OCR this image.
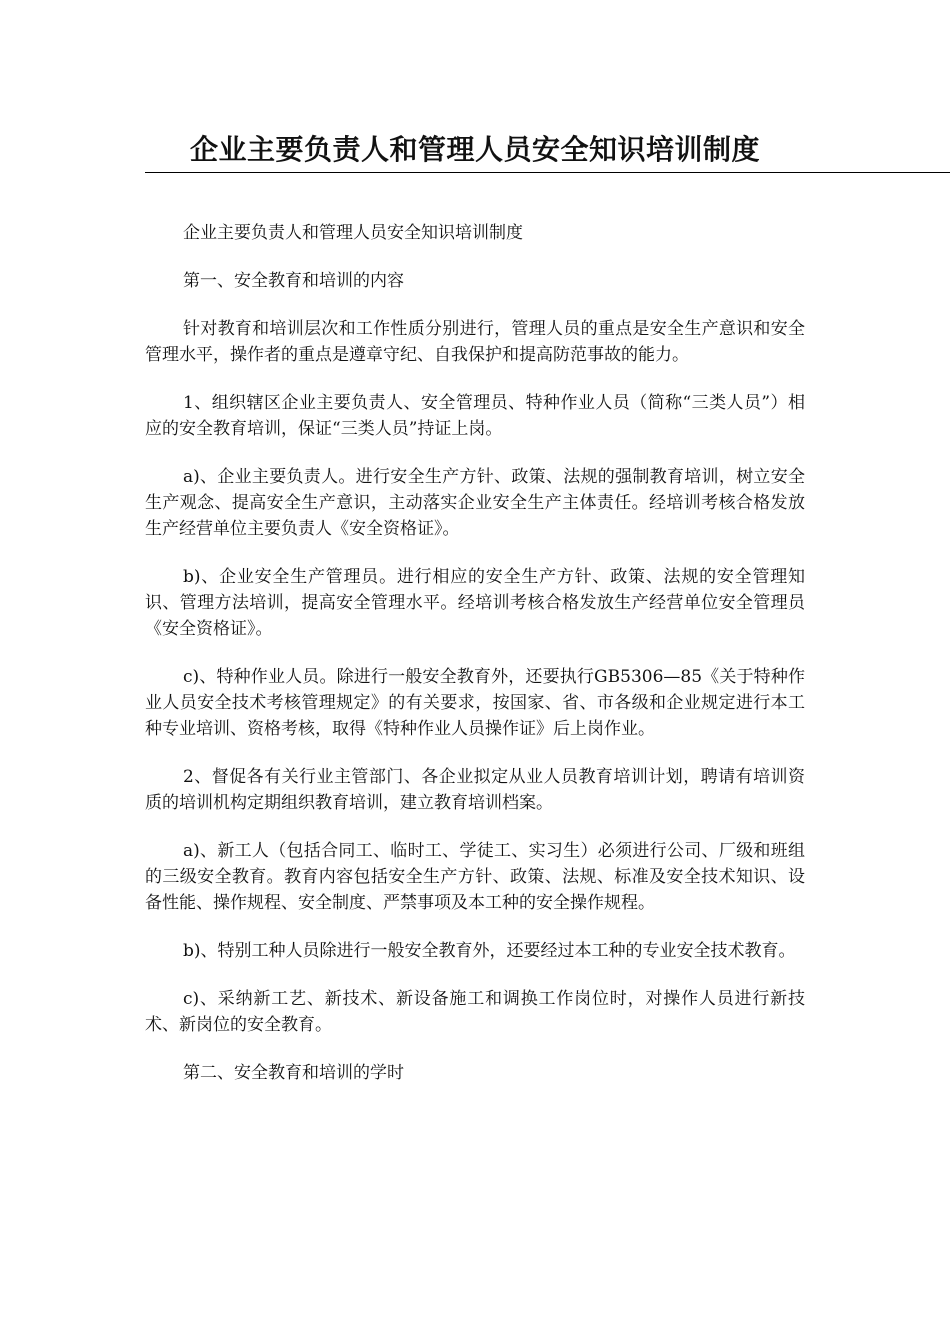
企业主要负责人和管理人员安全知识培训制度

企业主要负责人和管理人员安全知识培训制度

第一、安全教育和培训的内容

针对教育和培训层次和工作性质分别进行，管理人员的重点是安全生产意识和安全管理水平，操作者的重点是遵章守纪、自我保护和提高防范事故的能力。

1、组织辖区企业主要负责人、安全管理员、特种作业人员（简称“三类人员”）相应的安全教育培训，保证“三类人员”持证上岗。

a)、企业主要负责人。进行安全生产方针、政策、法规的强制教育培训，树立安全生产观念、提高安全生产意识，主动落实企业安全生产主体责任。经培训考核合格发放生产经营单位主要负责人《安全资格证》。

b)、企业安全生产管理员。进行相应的安全生产方针、政策、法规的安全管理知识、管理方法培训，提高安全管理水平。经培训考核合格发放生产经营单位安全管理员《安全资格证》。

c)、特种作业人员。除进行一般安全教育外，还要执行GB5306—85《关于特种作业人员安全技术考核管理规定》的有关要求，按国家、省、市各级和企业规定进行本工种专业培训、资格考核，取得《特种作业人员操作证》后上岗作业。

2、督促各有关行业主管部门、各企业拟定从业人员教育培训计划，聘请有培训资质的培训机构定期组织教育培训，建立教育培训档案。

a)、新工人（包括合同工、临时工、学徒工、实习生）必须进行公司、厂级和班组的三级安全教育。教育内容包括安全生产方针、政策、法规、标准及安全技术知识、设备性能、操作规程、安全制度、严禁事项及本工种的安全操作规程。

b)、特别工种人员除进行一般安全教育外，还要经过本工种的专业安全技术教育。

c)、采纳新工艺、新技术、新设备施工和调换工作岗位时，对操作人员进行新技术、新岗位的安全教育。

第二、安全教育和培训的学时
